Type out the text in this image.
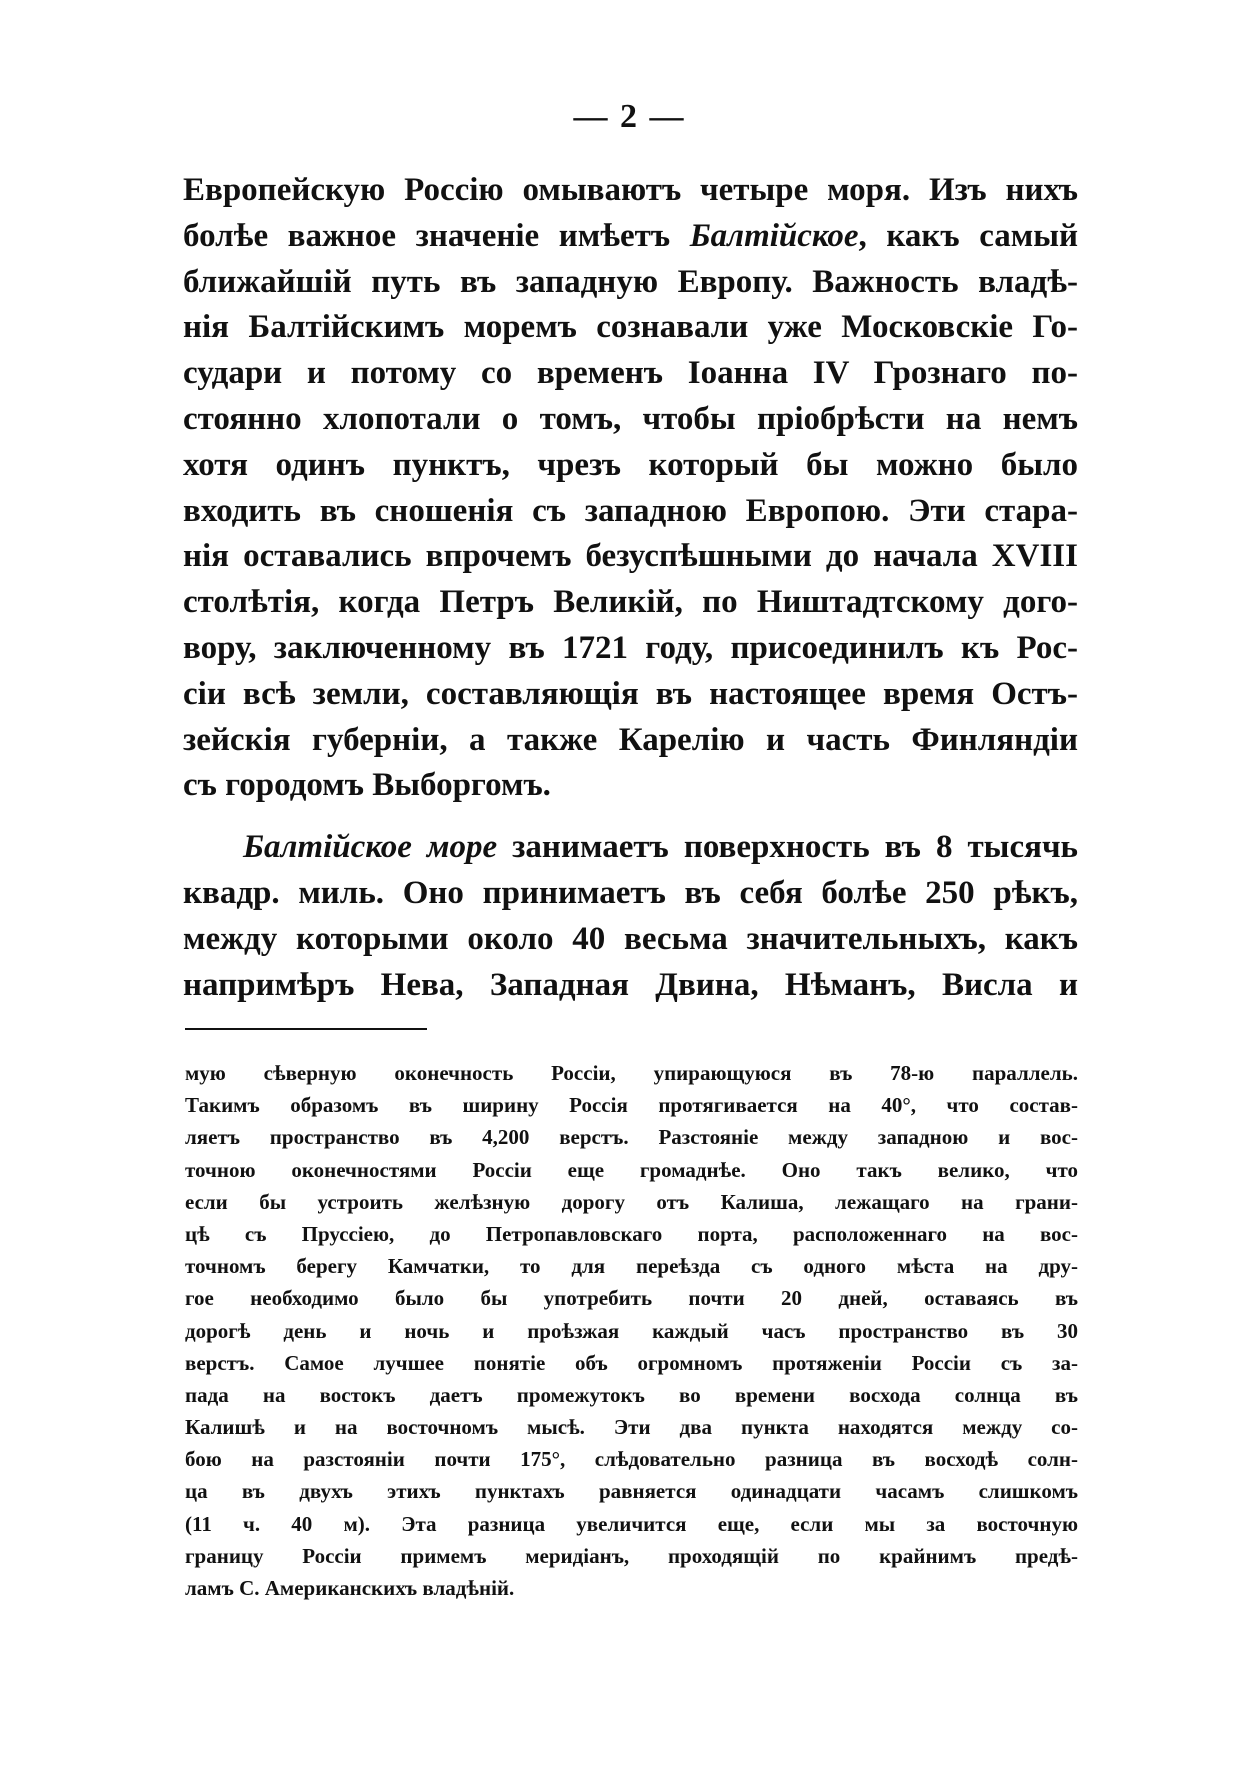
— 2 —
Европейскую Россію омываютъ четыре моря. Изъ нихъ
болѣе важное значеніе имѣетъ Балтійское, какъ самый
ближайшій путь въ западную Европу. Важность владѣ-
нія Балтійскимъ моремъ сознавали уже Московскіе Го-
судари и потому со временъ Іоанна IV Грознаго по-
стоянно хлопотали о томъ, чтобы пріобрѣсти на немъ
хотя одинъ пунктъ, чрезъ который бы можно было
входить въ сношенія съ западною Европою. Эти стара-
нія оставались впрочемъ безуспѣшными до начала XVIII
столѣтія, когда Петръ Великій, по Ништадтскому дого-
вору, заключенному въ 1721 году, присоединилъ къ Рос-
сіи всѣ земли, составляющія въ настоящее время Остъ-
зейскія губерніи, а также Карелію и часть Финляндіи
съ городомъ Выборгомъ.
Балтійское море занимаетъ поверхность въ 8 тысячь
квадр. миль. Оно принимаетъ въ себя болѣе 250 рѣкъ,
между которыми около 40 весьма значительныхъ, какъ
напримѣръ Нева, Западная Двина, Нѣманъ, Висла и
мую сѣверную оконечность Россіи, упирающуюся въ 78-ю параллель.
Такимъ образомъ въ ширину Россія протягивается на 40°, что состав-
ляетъ пространство въ 4,200 верстъ. Разстояніе между западною и вос-
точною оконечностями Россіи еще громаднѣе. Оно такъ велико, что
если бы устроить желѣзную дорогу отъ Калиша, лежащаго на грани-
цѣ съ Пруссіею, до Петропавловскаго порта, расположеннаго на вос-
точномъ берегу Камчатки, то для переѣзда съ одного мѣста на дру-
гое необходимо было бы употребить почти 20 дней, оставаясь въ
дорогѣ день и ночь и проѣзжая каждый часъ пространство въ 30
верстъ. Самое лучшее понятіе объ огромномъ протяженіи Россіи съ за-
пада на востокъ даетъ промежутокъ во времени восхода солнца въ
Калишѣ и на восточномъ мысѣ. Эти два пункта находятся между со-
бою на разстояніи почти 175°, слѣдовательно разница въ восходѣ солн-
ца въ двухъ этихъ пунктахъ равняется одинадцати часамъ слишкомъ
(11 ч. 40 м). Эта разница увеличится еще, если мы за восточную
границу Россіи примемъ меридіанъ, проходящій по крайнимъ предѣ-
ламъ С. Американскихъ владѣній.
